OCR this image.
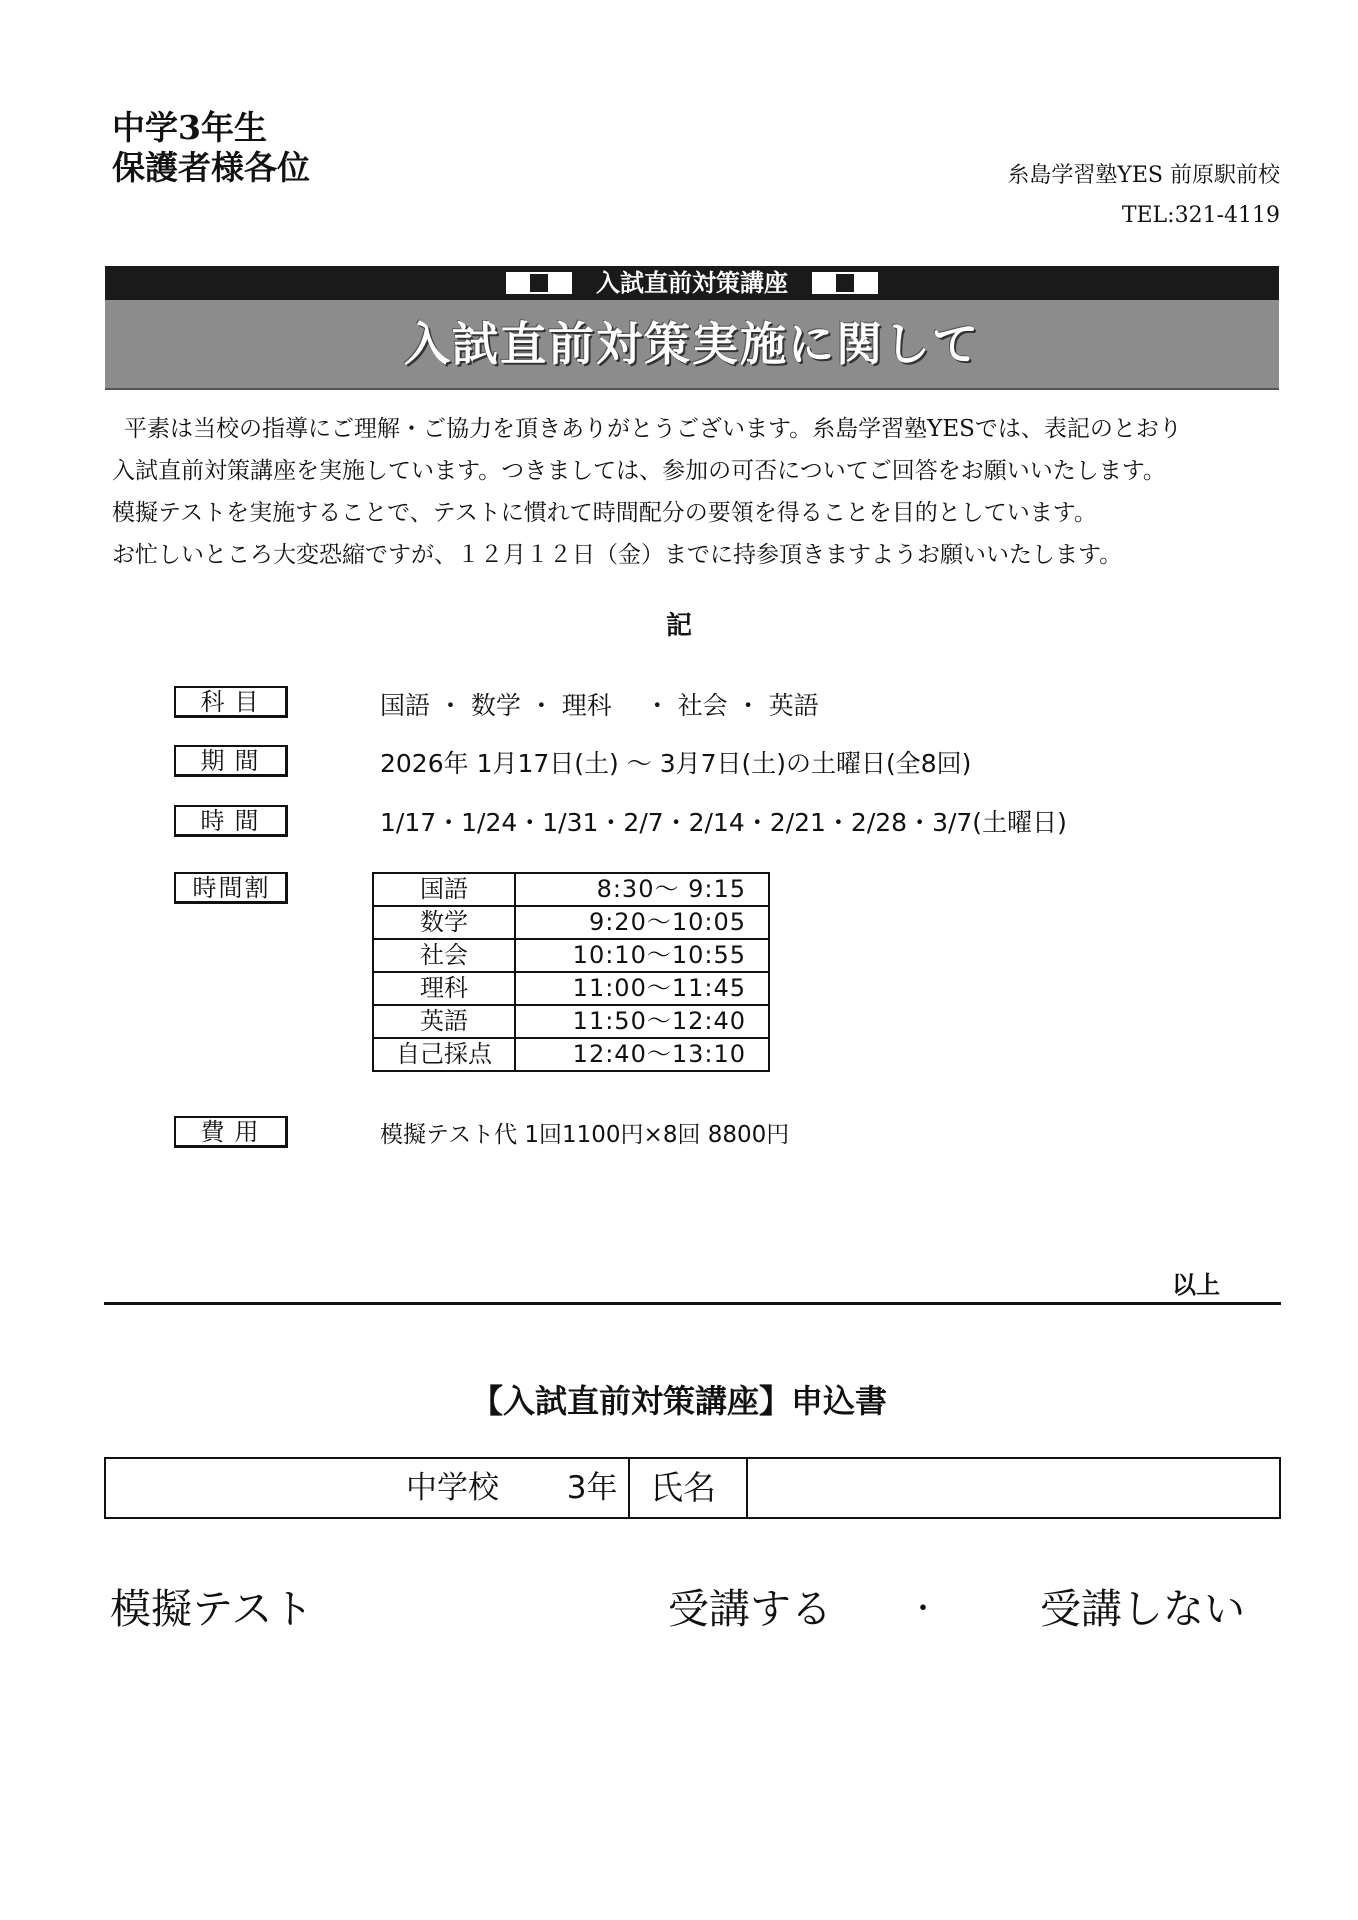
中学3年生
保護者様各位	糸島学習塾YES 前原駅前校
TEL:321-4119
入試直前対策講座
入試直前対策実施に関して

平素は当校の指導にご理解・ご協力を頂きありがとうございます。糸島学習塾YESでは、表記のとおり

入試直前対策講座を実施しています。つきましては、参加の可否についてご回答をお願いいたします。

模擬テストを実施することで、テストに慣れて時間配分の要領を得ることを目的としています。

お忙しいところ大変恐縮ですが、１２月１２日（金）までに持参頂きますようお願いいたします。

記
科目	国語 ・ 数学 ・ 理科　 ・ 社会 ・ 英語
期間	2026年 1月17日(土) ～ 3月7日(土)の土曜日(全8回)
時間	1/17・1/24・1/31・2/7・2/14・2/21・2/28・3/7(土曜日)
時間割	国語	8:30～ 9:15
数学	9:20～10:05
社会	10:10～10:55
理科	11:00～11:45
英語	11:50～12:40
自己採点	12:40～13:10
費用	模擬テスト代 1回1100円×8回 8800円
以上
【入試直前対策講座】申込書
中学校 3年 氏名
模擬テスト	受講する	・ 受講しない
